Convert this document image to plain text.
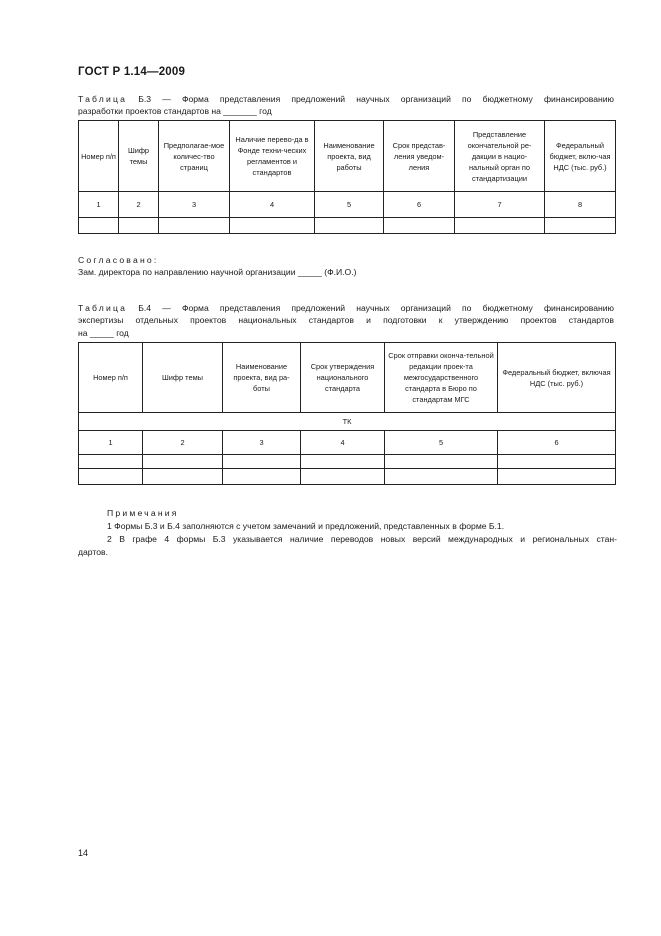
ГОСТ Р 1.14—2009
Таблица Б.3 — Форма представления предложений научных организаций по бюджетному финансированию
разработки проектов стандартов на _______ год
Номер п/п	Шифр темы	Предполагае-мое количес-тво страниц	Наличие перево-да в Фонде техни-ческих регламентов и стандартов	Наименование проекта, вид работы	Срок представ-ления уведом-ления	Представление окончательной ре-дакции в нацио-нальный орган по стандартизации	Федеральный бюджет, вклю-чая НДС (тыс. руб.)
1	2	3	4	5	6	7	8

Согласовано:
Зам. директора по направлению научной организации _____ (Ф.И.О.)
Таблица Б.4 — Форма представления предложений научных организаций по бюджетному финансированию
экспертизы отдельных проектов национальных стандартов и подготовки к утверждению проектов стандартов
на _____ год
Номер п/п	Шифр темы	Наименование проекта, вид ра-боты	Срок утверждения национального стандарта	Срок отправки оконча-тельной редакции проек-та межгосударственного стандарта в Бюро по стандартам МГС	Федеральный бюджет, включая НДС (тыс. руб.)
ТК					
1	2	3	4	5	6

Примечания
1 Формы Б.3 и Б.4 заполняются с учетом замечаний и предложений, представленных в форме Б.1.
2 В графе 4 формы Б.3 указывается наличие переводов новых версий международных и региональных стан-
дартов.
14
